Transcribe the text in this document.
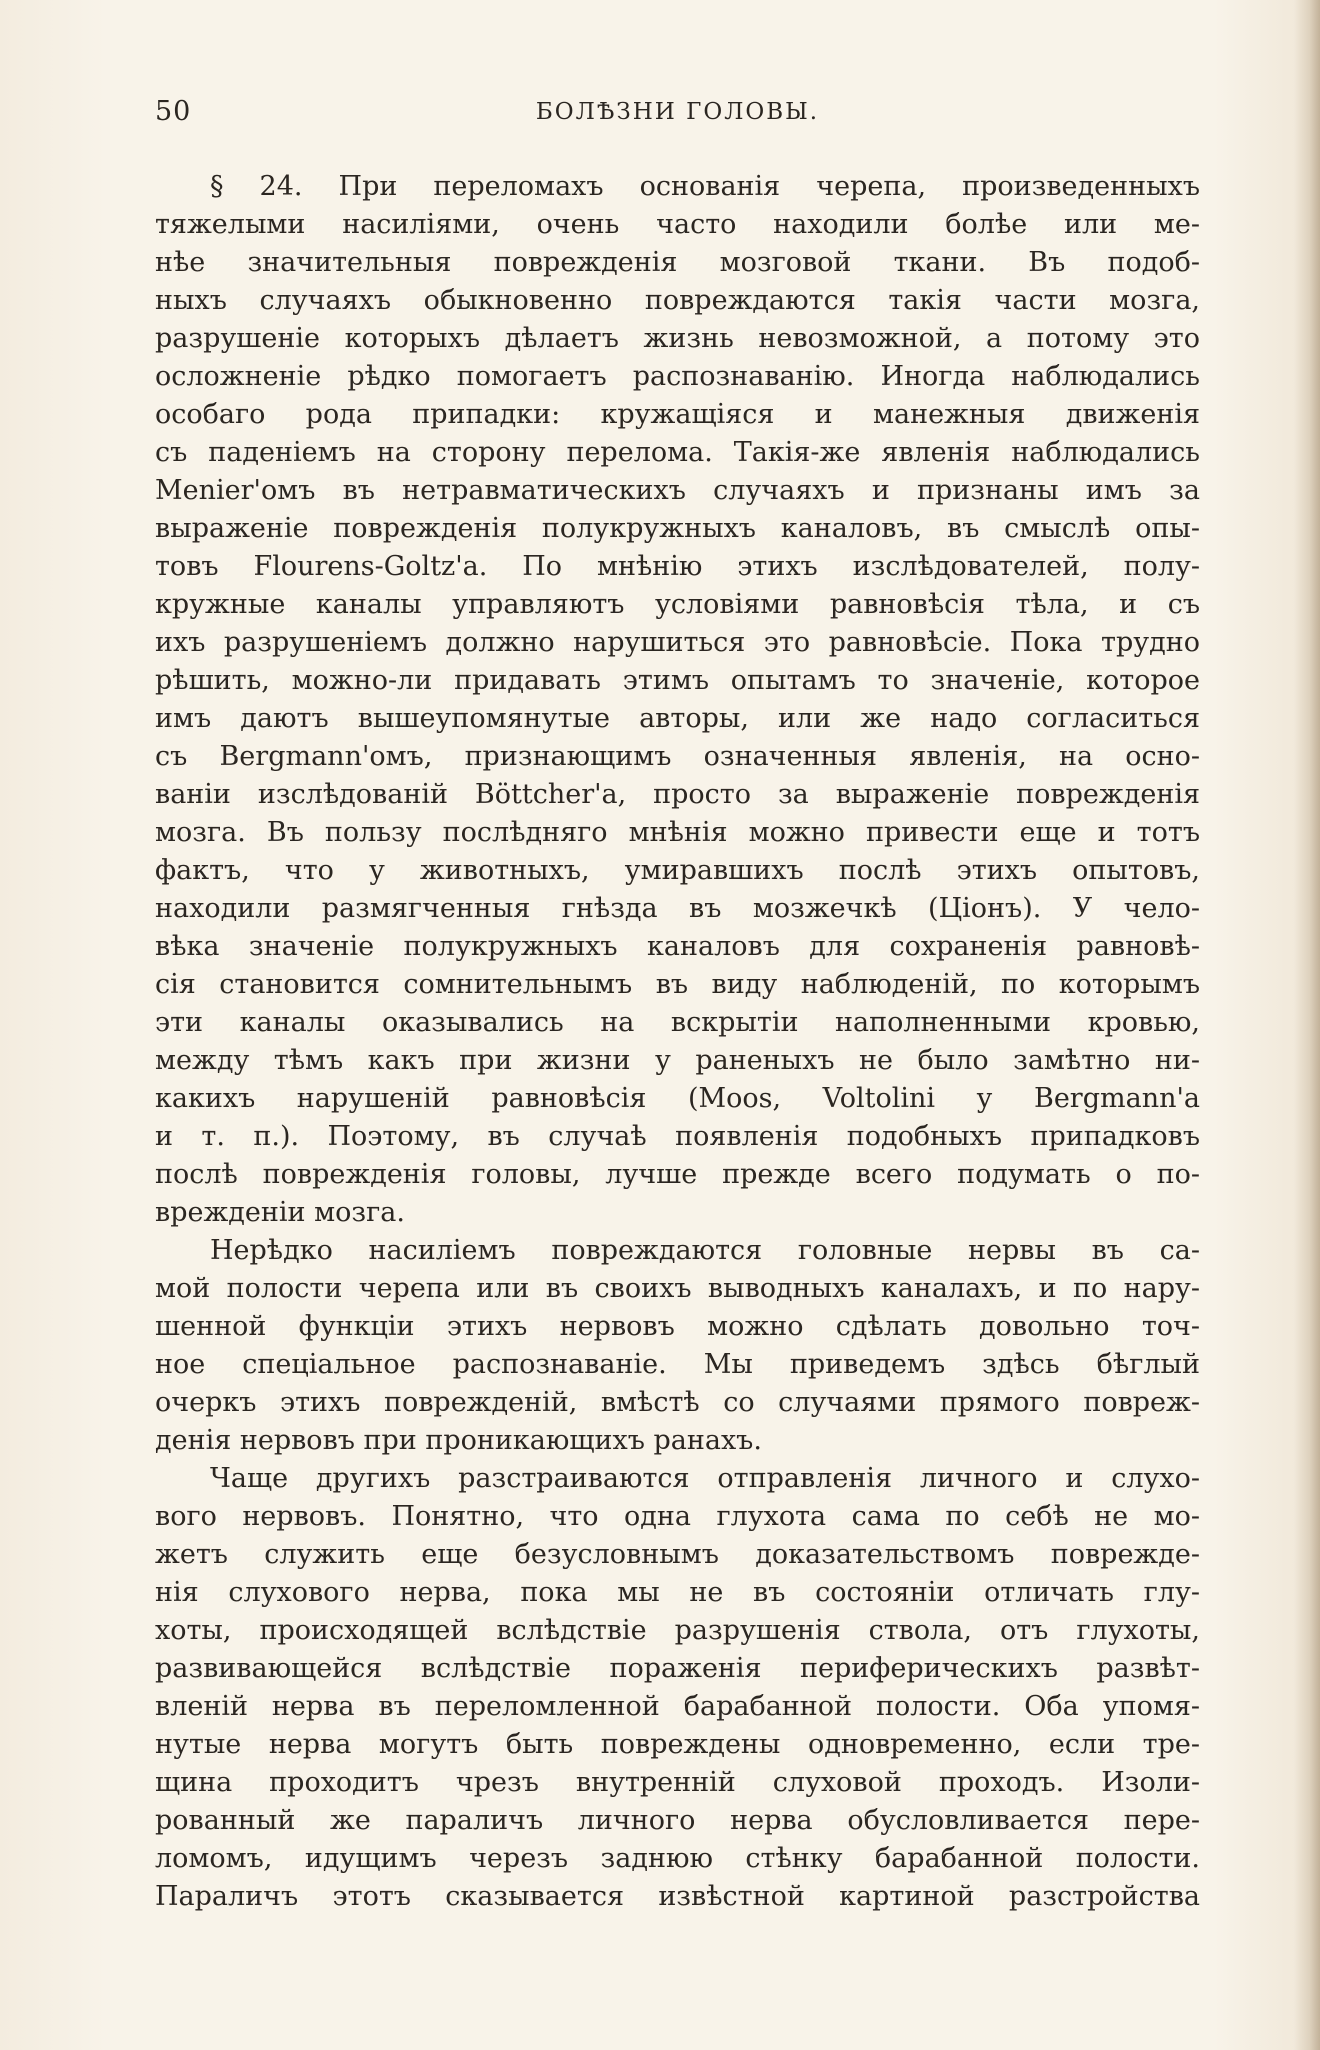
50	БОЛѢЗНИ ГОЛОВЫ.
§ 24. При переломахъ основанія черепа, произведенныхъ
тяжелыми насиліями, очень часто находили болѣе или ме-
нѣе значительныя поврежденія мозговой ткани. Въ подоб-
ныхъ случаяхъ обыкновенно повреждаются такія части мозга,
разрушеніе которыхъ дѣлаетъ жизнь невозможной, а потому это
осложненіе рѣдко помогаетъ распознаванію. Иногда наблюдались
особаго рода припадки: кружащіяся и манежныя движенія
съ паденіемъ на сторону перелома. Такія-же явленія наблюдались
Menier'омъ въ нетравматическихъ случаяхъ и признаны имъ за
выраженіе поврежденія полукружныхъ каналовъ, въ смыслѣ опы-
товъ Flourens-Goltz'a. По мнѣнію этихъ изслѣдователей, полу-
кружные каналы управляютъ условіями равновѣсія тѣла, и съ
ихъ разрушеніемъ должно нарушиться это равновѣсіе. Пока трудно
рѣшить, можно-ли придавать этимъ опытамъ то значеніе, которое
имъ даютъ вышеупомянутые авторы, или же надо согласиться
съ Bergmann'омъ, признающимъ означенныя явленія, на осно-
ваніи изслѣдованій Böttcher'a, просто за выраженіе поврежденія
мозга. Въ пользу послѣдняго мнѣнія можно привести еще и тотъ
фактъ, что у животныхъ, умиравшихъ послѣ этихъ опытовъ,
находили размягченныя гнѣзда въ мозжечкѣ (Ціонъ). У чело-
вѣка значеніе полукружныхъ каналовъ для сохраненія равновѣ-
сія становится сомнительнымъ въ виду наблюденій, по которымъ
эти каналы оказывались на вскрытіи наполненными кровью,
между тѣмъ какъ при жизни у раненыхъ не было замѣтно ни-
какихъ нарушеній равновѣсія (Moos, Voltolini у Bergmann'a
и т. п.). Поэтому, въ случаѣ появленія подобныхъ припадковъ
послѣ поврежденія головы, лучше прежде всего подумать о по-
врежденіи мозга.
Нерѣдко насиліемъ повреждаются головные нервы въ са-
мой полости черепа или въ своихъ выводныхъ каналахъ, и по нару-
шенной функціи этихъ нервовъ можно сдѣлать довольно точ-
ное спеціальное распознаваніе. Мы приведемъ здѣсь бѣглый
очеркъ этихъ поврежденій, вмѣстѣ со случаями прямого повреж-
денія нервовъ при проникающихъ ранахъ.
Чаще другихъ разстраиваются отправленія личного и слухо-
вого нервовъ. Понятно, что одна глухота сама по себѣ не мо-
жетъ служить еще безусловнымъ доказательствомъ поврежде-
нія слухового нерва, пока мы не въ состояніи отличать глу-
хоты, происходящей вслѣдствіе разрушенія ствола, отъ глухоты,
развивающейся вслѣдствіе пораженія периферическихъ развѣт-
вленій нерва въ переломленной барабанной полости. Оба упомя-
нутые нерва могутъ быть повреждены одновременно, если тре-
щина проходитъ чрезъ внутренній слуховой проходъ. Изоли-
рованный же параличъ личного нерва обусловливается пере-
ломомъ, идущимъ черезъ заднюю стѣнку барабанной полости.
Параличъ этотъ сказывается извѣстной картиной разстройства
